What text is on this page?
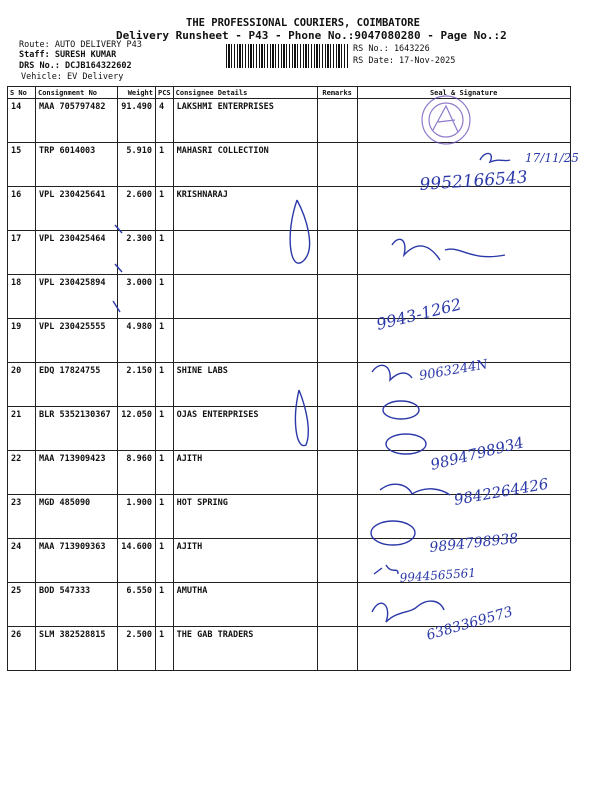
THE PROFESSIONAL COURIERS, COIMBATORE
Delivery Runsheet - P43 - Phone No.:9047080280 - Page No.:2
Route: AUTO DELIVERY P43
Staff: SURESH KUMAR
DRS No.: DCJB164322602
Vehicle: EV Delivery
RS No.: 1643226
RS Date: 17-Nov-2025
S No	Consignment No	Weight	PCS	Consignee Details	Remarks	Seal & Signature
14	MAA 705797482	91.490	4	LAKSHMI ENTERPRISES		
15	TRP 6014003	5.910	1	MAHASRI COLLECTION		
16	VPL 230425641	2.600	1	KRISHNARAJ		
17	VPL 230425464	2.300	1			
18	VPL 230425894	3.000	1			
19	VPL 230425555	4.980	1			
20	EDQ 17824755	2.150	1	SHINE LABS		
21	BLR 5352130367	12.050	1	OJAS ENTERPRISES		
22	MAA 713909423	8.960	1	AJITH		
23	MGD 485090	1.900	1	HOT SPRING		
24	MAA 713909363	14.600	1	AJITH		
25	BOD 547333	6.550	1	AMUTHA		
26	SLM 382528815	2.500	1	THE GAB TRADERS		
17/11/25
9952166543
9943-1262
9063244N
9894798934
9842264426
9894798938
9944565561
6383369573
